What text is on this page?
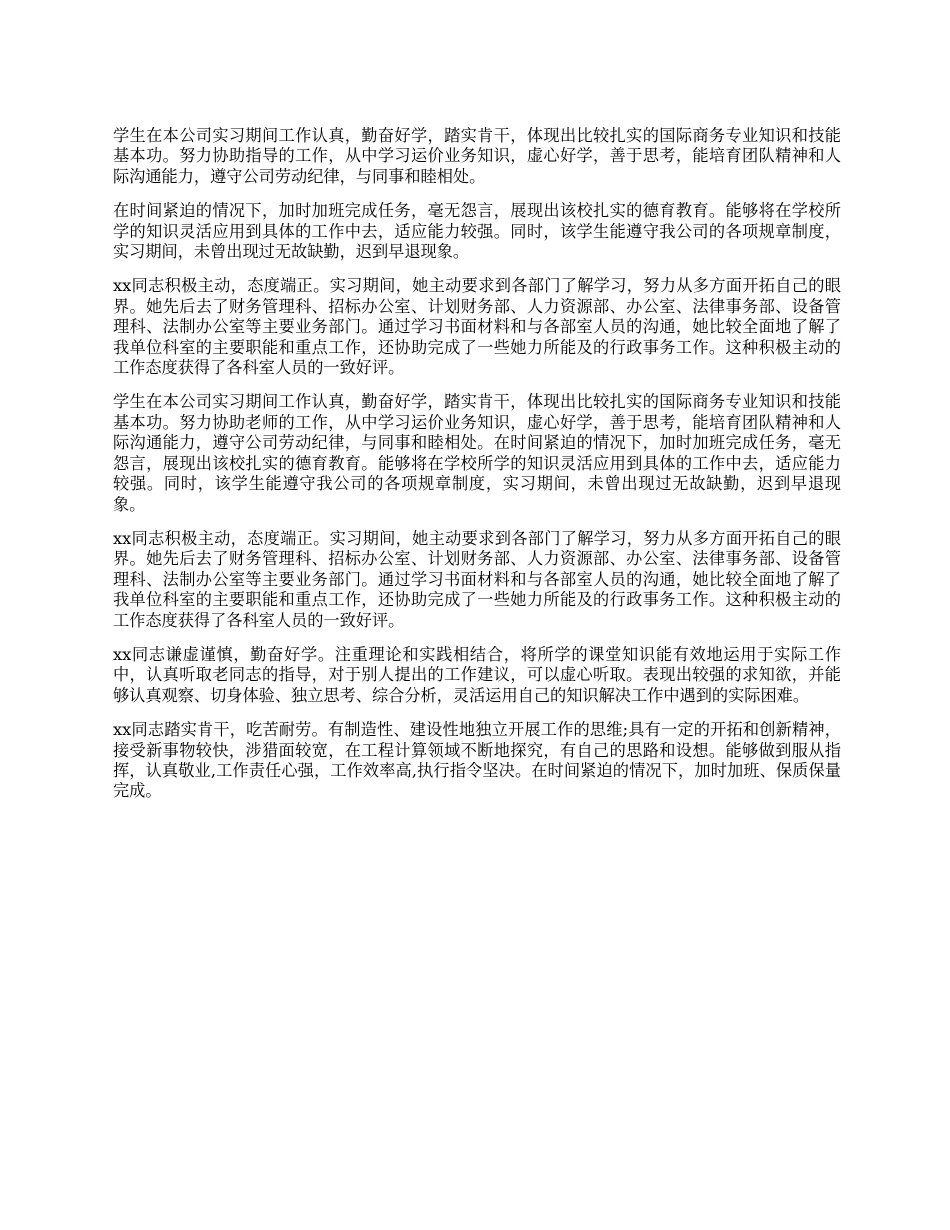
学生在本公司实习期间工作认真，勤奋好学，踏实肯干，体现出比较扎实的国际商务专业知识和技能基本功。努力协助指导的工作，从中学习运价业务知识，虚心好学，善于思考，能培育团队精神和人际沟通能力，遵守公司劳动纪律，与同事和睦相处。

在时间紧迫的情况下，加时加班完成任务，毫无怨言，展现出该校扎实的德育教育。能够将在学校所学的知识灵活应用到具体的工作中去，适应能力较强。同时，该学生能遵守我公司的各项规章制度，实习期间，未曾出现过无故缺勤，迟到早退现象。

xx同志积极主动，态度端正。实习期间，她主动要求到各部门了解学习，努力从多方面开拓自己的眼界。她先后去了财务管理科、招标办公室、计划财务部、人力资源部、办公室、法律事务部、设备管理科、法制办公室等主要业务部门。通过学习书面材料和与各部室人员的沟通，她比较全面地了解了我单位科室的主要职能和重点工作，还协助完成了一些她力所能及的行政事务工作。这种积极主动的工作态度获得了各科室人员的一致好评。

学生在本公司实习期间工作认真，勤奋好学，踏实肯干，体现出比较扎实的国际商务专业知识和技能基本功。努力协助老师的工作，从中学习运价业务知识，虚心好学，善于思考，能培育团队精神和人际沟通能力，遵守公司劳动纪律，与同事和睦相处。在时间紧迫的情况下，加时加班完成任务，毫无怨言，展现出该校扎实的德育教育。能够将在学校所学的知识灵活应用到具体的工作中去，适应能力较强。同时，该学生能遵守我公司的各项规章制度，实习期间，未曾出现过无故缺勤，迟到早退现象。

xx同志积极主动，态度端正。实习期间，她主动要求到各部门了解学习，努力从多方面开拓自己的眼界。她先后去了财务管理科、招标办公室、计划财务部、人力资源部、办公室、法律事务部、设备管理科、法制办公室等主要业务部门。通过学习书面材料和与各部室人员的沟通，她比较全面地了解了我单位科室的主要职能和重点工作，还协助完成了一些她力所能及的行政事务工作。这种积极主动的工作态度获得了各科室人员的一致好评。

xx同志谦虚谨慎，勤奋好学。注重理论和实践相结合，将所学的课堂知识能有效地运用于实际工作中，认真听取老同志的指导，对于别人提出的工作建议，可以虚心听取。表现出较强的求知欲，并能够认真观察、切身体验、独立思考、综合分析，灵活运用自己的知识解决工作中遇到的实际困难。

xx同志踏实肯干，吃苦耐劳。有制造性、建设性地独立开展工作的思维;具有一定的开拓和创新精神，接受新事物较快，涉猎面较宽，在工程计算领域不断地探究，有自己的思路和设想。能够做到服从指挥，认真敬业,工作责任心强，工作效率高,执行指令坚决。在时间紧迫的情况下，加时加班、保质保量完成。
